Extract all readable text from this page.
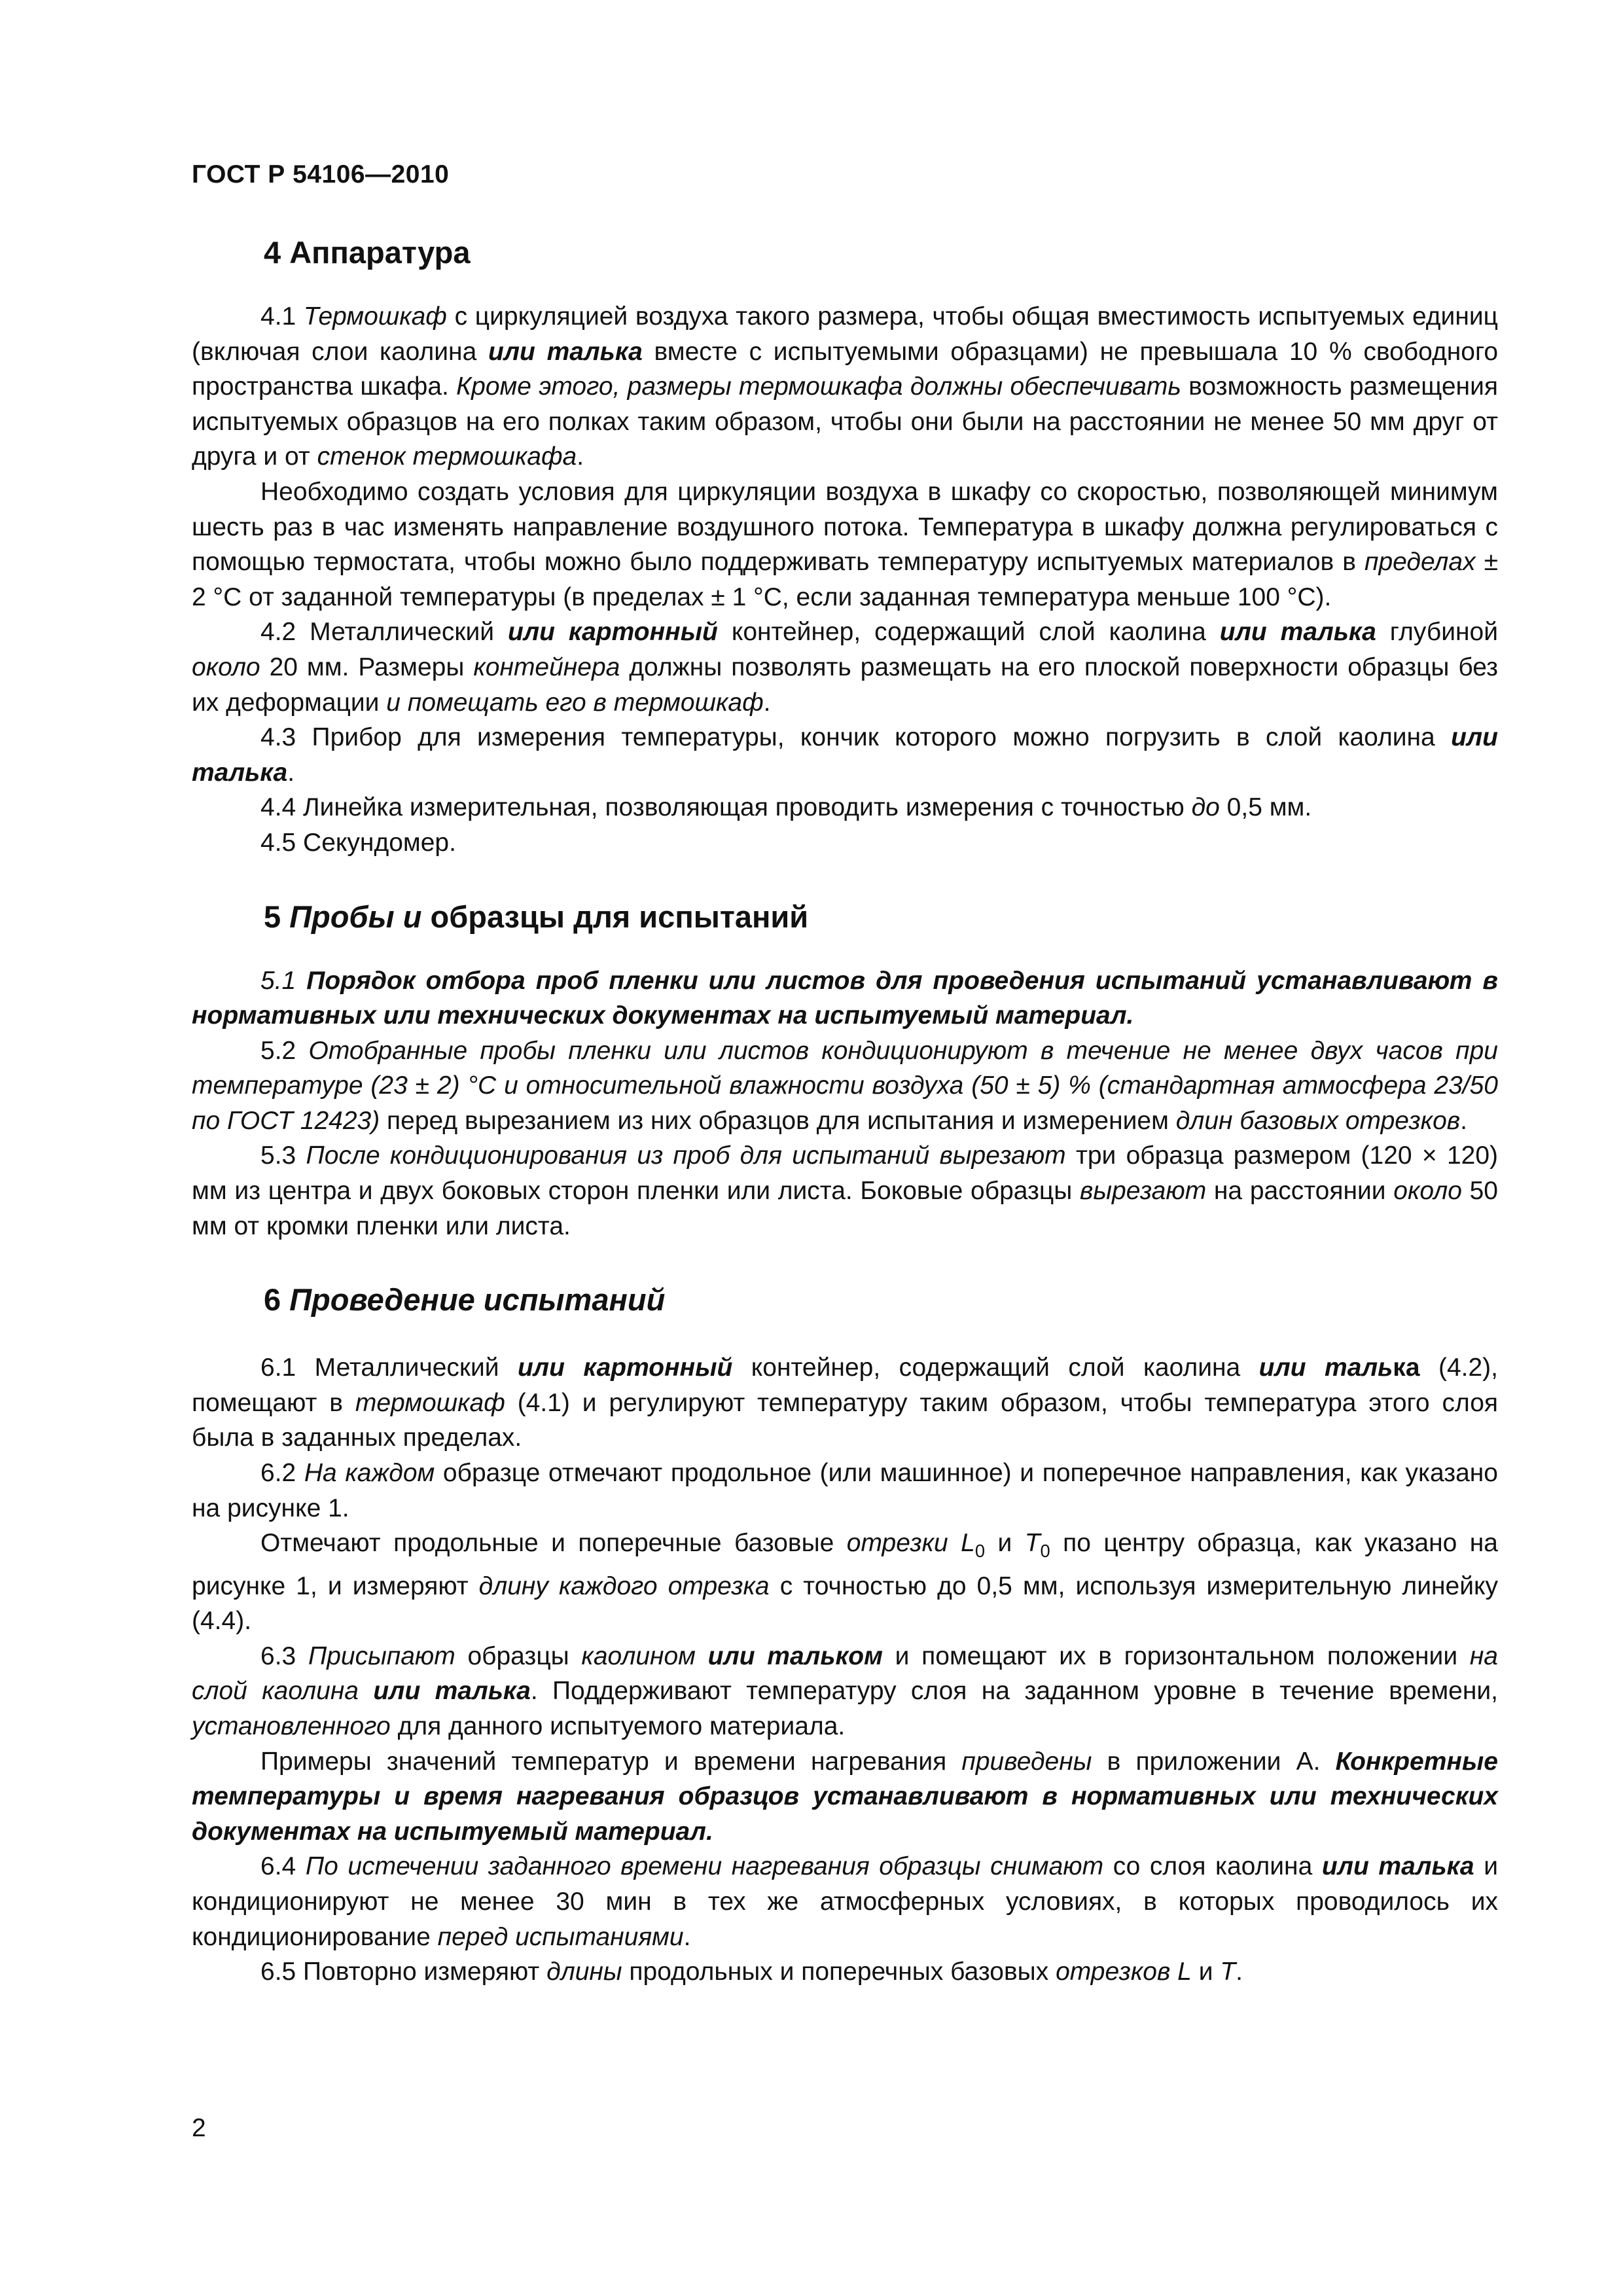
ГОСТ Р 54106—2010
4 Аппаратура

4.1 Термошкаф с циркуляцией воздуха такого размера, чтобы общая вместимость испытуемых единиц (включая слои каолина или талька вместе с испытуемыми образцами) не превышала 10 % свободного пространства шкафа. Кроме этого, размеры термошкафа должны обеспечивать возможность размещения испытуемых образцов на его полках таким образом, чтобы они были на расстоянии не менее 50 мм друг от друга и от стенок термошкафа.

Необходимо создать условия для циркуляции воздуха в шкафу со скоростью, позволяющей минимум шесть раз в час изменять направление воздушного потока. Температура в шкафу должна регулироваться с помощью термостата, чтобы можно было поддерживать температуру испытуемых материалов в пределах ± 2 °С от заданной температуры (в пределах ± 1 °С, если заданная температура меньше 100 °С).

4.2 Металлический или картонный контейнер, содержащий слой каолина или талька глубиной около 20 мм. Размеры контейнера должны позволять размещать на его плоской поверхности образцы без их деформации и помещать его в термошкаф.

4.3 Прибор для измерения температуры, кончик которого можно погрузить в слой каолина или талька.

4.4 Линейка измерительная, позволяющая проводить измерения с точностью до 0,5 мм.

4.5 Секундомер.

5 Пробы и образцы для испытаний

5.1 Порядок отбора проб пленки или листов для проведения испытаний устанавливают в нормативных или технических документах на испытуемый материал.

5.2 Отобранные пробы пленки или листов кондиционируют в течение не менее двух часов при температуре (23 ± 2) °С и относительной влажности воздуха (50 ± 5) % (стандартная атмосфера 23/50 по ГОСТ 12423) перед вырезанием из них образцов для испытания и измерением длин базовых отрезков.

5.3 После кондиционирования из проб для испытаний вырезают три образца размером (120 × 120) мм из центра и двух боковых сторон пленки или листа. Боковые образцы вырезают на расстоянии около 50 мм от кромки пленки или листа.

6 Проведение испытаний

6.1 Металлический или картонный контейнер, содержащий слой каолина или талька (4.2), помещают в термошкаф (4.1) и регулируют температуру таким образом, чтобы температура этого слоя была в заданных пределах.

6.2 На каждом образце отмечают продольное (или машинное) и поперечное направления, как указано на рисунке 1.

Отмечают продольные и поперечные базовые отрезки $L_0$ и $T_0$ по центру образца, как указано на рисунке 1, и измеряют длину каждого отрезка с точностью до 0,5 мм, используя измерительную линейку (4.4).

6.3 Присыпают образцы каолином или тальком и помещают их в горизонтальном положении на слой каолина или талька. Поддерживают температуру слоя на заданном уровне в течение времени, установленного для данного испытуемого материала.

Примеры значений температур и времени нагревания приведены в приложении А. Конкретные температуры и время нагревания образцов устанавливают в нормативных или технических документах на испытуемый материал.

6.4 По истечении заданного времени нагревания образцы снимают со слоя каолина или талька и кондиционируют не менее 30 мин в тех же атмосферных условиях, в которых проводилось их кондиционирование перед испытаниями.

6.5 Повторно измеряют длины продольных и поперечных базовых отрезков L и T.

2
